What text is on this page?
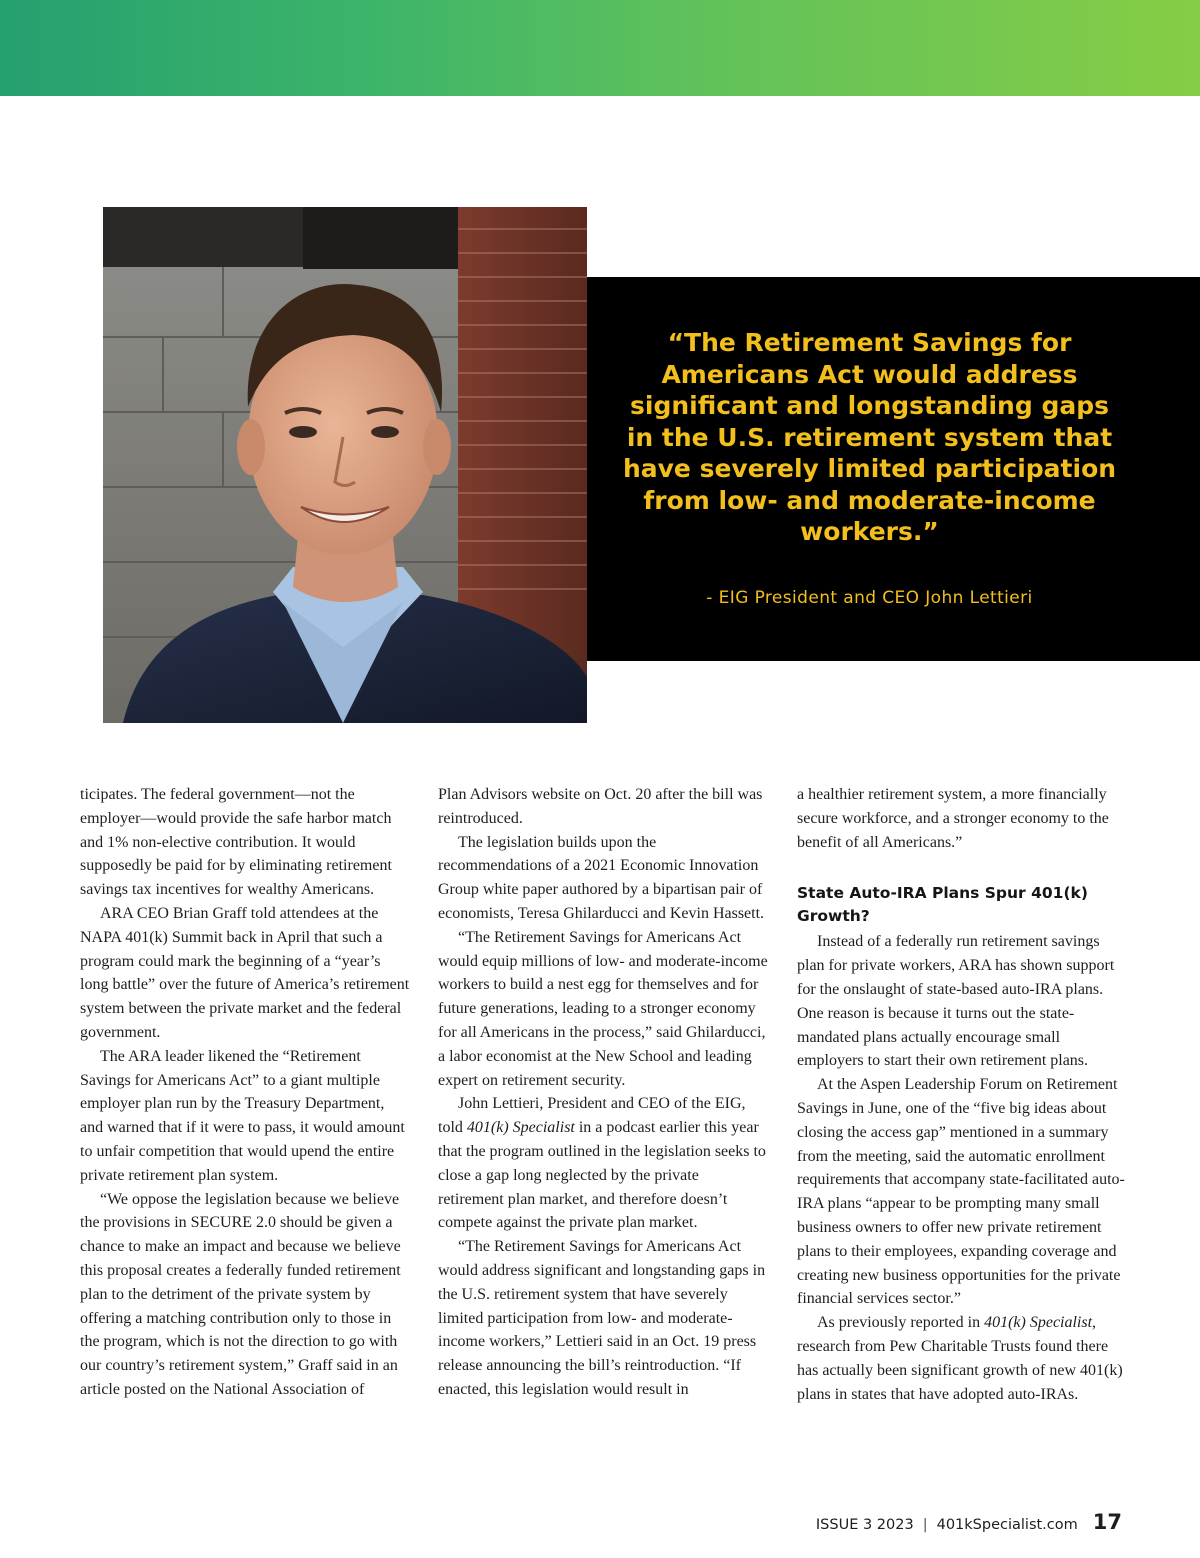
“The Retirement Savings for Americans Act would address significant and longstanding gaps in the U.S. retirement system that have severely limited participation from low- and moderate-income workers.”

- EIG President and CEO John Lettieri

ticipates. The federal government—not the employer—would provide the safe harbor match and 1% non-elective contribution. It would supposedly be paid for by eliminating retirement savings tax incentives for wealthy Americans.

ARA CEO Brian Graff told attendees at the NAPA 401(k) Summit back in April that such a program could mark the beginning of a “year’s long battle” over the future of America’s retirement system between the private market and the federal government.

The ARA leader likened the “Retirement Savings for Americans Act” to a giant multiple employer plan run by the Treasury Department, and warned that if it were to pass, it would amount to unfair competition that would upend the entire private retirement plan system.

“We oppose the legislation because we believe the provisions in SECURE 2.0 should be given a chance to make an impact and because we believe this proposal creates a federally funded retirement plan to the detriment of the private system by offering a matching contribution only to those in the program, which is not the direction to go with our country’s retirement system,” Graff said in an article posted on the National Association of

Plan Advisors website on Oct. 20 after the bill was reintroduced.

The legislation builds upon the recommendations of a 2021 Economic Innovation Group white paper authored by a bipartisan pair of economists, Teresa Ghilarducci and Kevin Hassett.

“The Retirement Savings for Americans Act would equip millions of low- and moderate-income workers to build a nest egg for themselves and for future generations, leading to a stronger economy for all Americans in the process,” said Ghilarducci, a labor economist at the New School and leading expert on retirement security.

John Lettieri, President and CEO of the EIG, told 401(k) Specialist in a podcast earlier this year that the program outlined in the legislation seeks to close a gap long neglected by the private retirement plan market, and therefore doesn’t compete against the private plan market.

“The Retirement Savings for Americans Act would address significant and longstanding gaps in the U.S. retirement system that have severely limited participation from low- and moderate-income workers,” Lettieri said in an Oct. 19 press release announcing the bill’s reintroduction. “If enacted, this legislation would result in

a healthier retirement system, a more financially secure workforce, and a stronger economy to the benefit of all Americans.”

State Auto-IRA Plans Spur 401(k) Growth?

Instead of a federally run retirement savings plan for private workers, ARA has shown support for the onslaught of state-based auto-IRA plans. One reason is because it turns out the state-mandated plans actually encourage small employers to start their own retirement plans.

At the Aspen Leadership Forum on Retirement Savings in June, one of the “five big ideas about closing the access gap” mentioned in a summary from the meeting, said the automatic enrollment requirements that accompany state-facilitated auto-IRA plans “appear to be prompting many small business owners to offer new private retirement plans to their employees, expanding coverage and creating new business opportunities for the private financial services sector.”

As previously reported in 401(k) Specialist, research from Pew Charitable Trusts found there has actually been significant growth of new 401(k) plans in states that have adopted auto-IRAs.

ISSUE 3 2023 | 401kSpecialist.com 17
